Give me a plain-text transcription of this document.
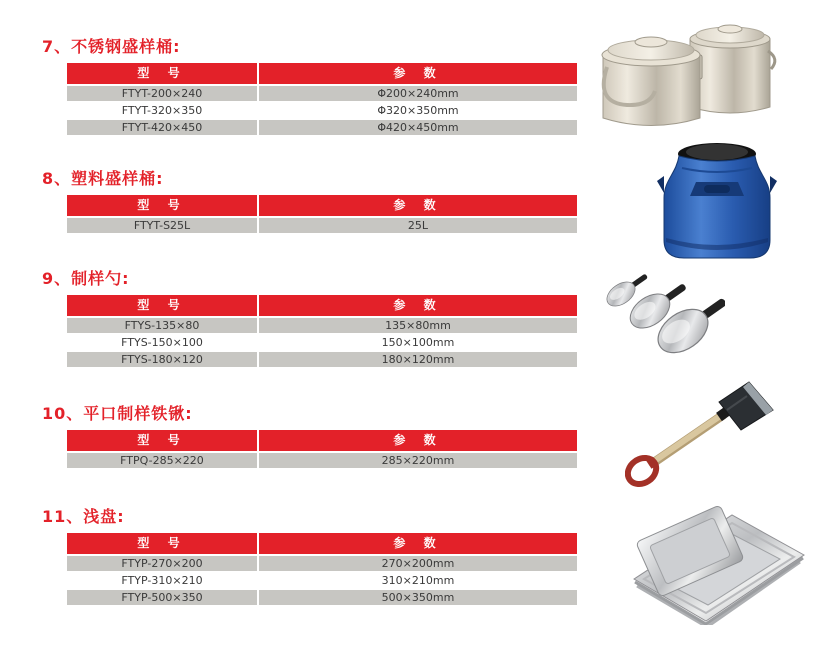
7、不锈钢盛样桶:
型 号	参 数
FTYT-200×240	Φ200×240mm
FTYT-320×350	Φ320×350mm
FTYT-420×450	Φ420×450mm
8、塑料盛样桶:
型 号	参 数
FTYT-S25L	25L
9、制样勺:
型 号	参 数
FTYS-135×80	135×80mm
FTYS-150×100	150×100mm
FTYS-180×120	180×120mm
10、平口制样铁锹:
型 号	参 数
FTPQ-285×220	285×220mm
11、浅盘:
型 号	参 数
FTYP-270×200	270×200mm
FTYP-310×210	310×210mm
FTYP-500×350	500×350mm
